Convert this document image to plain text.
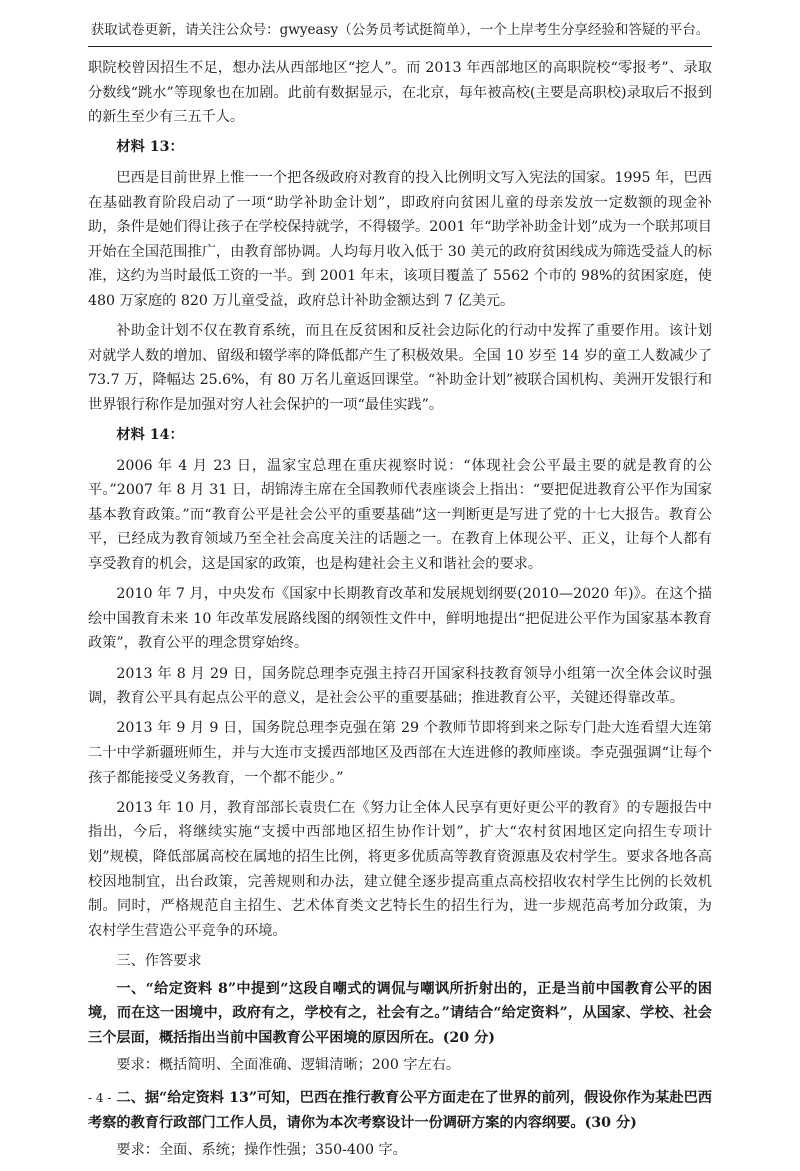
获取试卷更新，请关注公众号：gwyeasy（公务员考试挺简单），一个上岸考生分享经验和答疑的平台。

职院校曾因招生不足，想办法从西部地区“挖人”。而 2013 年西部地区的高职院校“零报考”、录取分数线“跳水”等现象也在加剧。此前有数据显示，在北京，每年被高校(主要是高职校)录取后不报到的新生至少有三五千人。

材料 13：

巴西是目前世界上惟一一个把各级政府对教育的投入比例明文写入宪法的国家。1995 年，巴西在基础教育阶段启动了一项“助学补助金计划”，即政府向贫困儿童的母亲发放一定数额的现金补助，条件是她们得让孩子在学校保持就学，不得辍学。2001 年“助学补助金计划”成为一个联邦项目开始在全国范围推广，由教育部协调。人均每月收入低于 30 美元的政府贫困线成为筛选受益人的标准，这约为当时最低工资的一半。到 2001 年末，该项目覆盖了 5562 个市的 98%的贫困家庭，使 480 万家庭的 820 万儿童受益，政府总计补助金额达到 7 亿美元。

补助金计划不仅在教育系统，而且在反贫困和反社会边际化的行动中发挥了重要作用。该计划对就学人数的增加、留级和辍学率的降低都产生了积极效果。全国 10 岁至 14 岁的童工人数减少了 73.7 万，降幅达 25.6%，有 80 万名儿童返回课堂。“补助金计划”被联合国机构、美洲开发银行和世界银行称作是加强对穷人社会保护的一项“最佳实践”。

材料 14：

2006 年 4 月 23 日，温家宝总理在重庆视察时说：“体现社会公平最主要的就是教育的公平。”2007 年 8 月 31 日，胡锦涛主席在全国教师代表座谈会上指出：“要把促进教育公平作为国家基本教育政策。”而“教育公平是社会公平的重要基础”这一判断更是写进了党的十七大报告。教育公平，已经成为教育领域乃至全社会高度关注的话题之一。在教育上体现公平、正义，让每个人都有享受教育的机会，这是国家的政策，也是构建社会主义和谐社会的要求。

2010 年 7 月，中央发布《国家中长期教育改革和发展规划纲要(2010—2020 年)》。在这个描绘中国教育未来 10 年改革发展路线图的纲领性文件中，鲜明地提出“把促进公平作为国家基本教育政策”，教育公平的理念贯穿始终。

2013 年 8 月 29 日，国务院总理李克强主持召开国家科技教育领导小组第一次全体会议时强调，教育公平具有起点公平的意义，是社会公平的重要基础；推进教育公平，关键还得靠改革。

2013 年 9 月 9 日，国务院总理李克强在第 29 个教师节即将到来之际专门赴大连看望大连第二十中学新疆班师生，并与大连市支援西部地区及西部在大连进修的教师座谈。李克强强调“让每个孩子都能接受义务教育，一个都不能少。”

2013 年 10 月，教育部部长袁贵仁在《努力让全体人民享有更好更公平的教育》的专题报告中指出，今后，将继续实施“支援中西部地区招生协作计划”，扩大“农村贫困地区定向招生专项计划”规模，降低部属高校在属地的招生比例，将更多优质高等教育资源惠及农村学生。要求各地各高校因地制宜，出台政策，完善规则和办法，建立健全逐步提高重点高校招收农村学生比例的长效机制。同时，严格规范自主招生、艺术体育类文艺特长生的招生行为，进一步规范高考加分政策，为农村学生营造公平竞争的环境。

三、作答要求

一、“给定资料 8”中提到“这段自嘲式的调侃与嘲讽所折射出的，正是当前中国教育公平的困境，而在这一困境中，政府有之，学校有之，社会有之。”请结合“给定资料”，从国家、学校、社会三个层面，概括指出当前中国教育公平困境的原因所在。(20 分)

要求：概括简明、全面准确、逻辑清晰；200 字左右。

二、据“给定资料 13”可知，巴西在推行教育公平方面走在了世界的前列，假设你作为某赴巴西考察的教育行政部门工作人员，请你为本次考察设计一份调研方案的内容纲要。(30 分)

要求：全面、系统；操作性强；350-400 字。

- 4 -
